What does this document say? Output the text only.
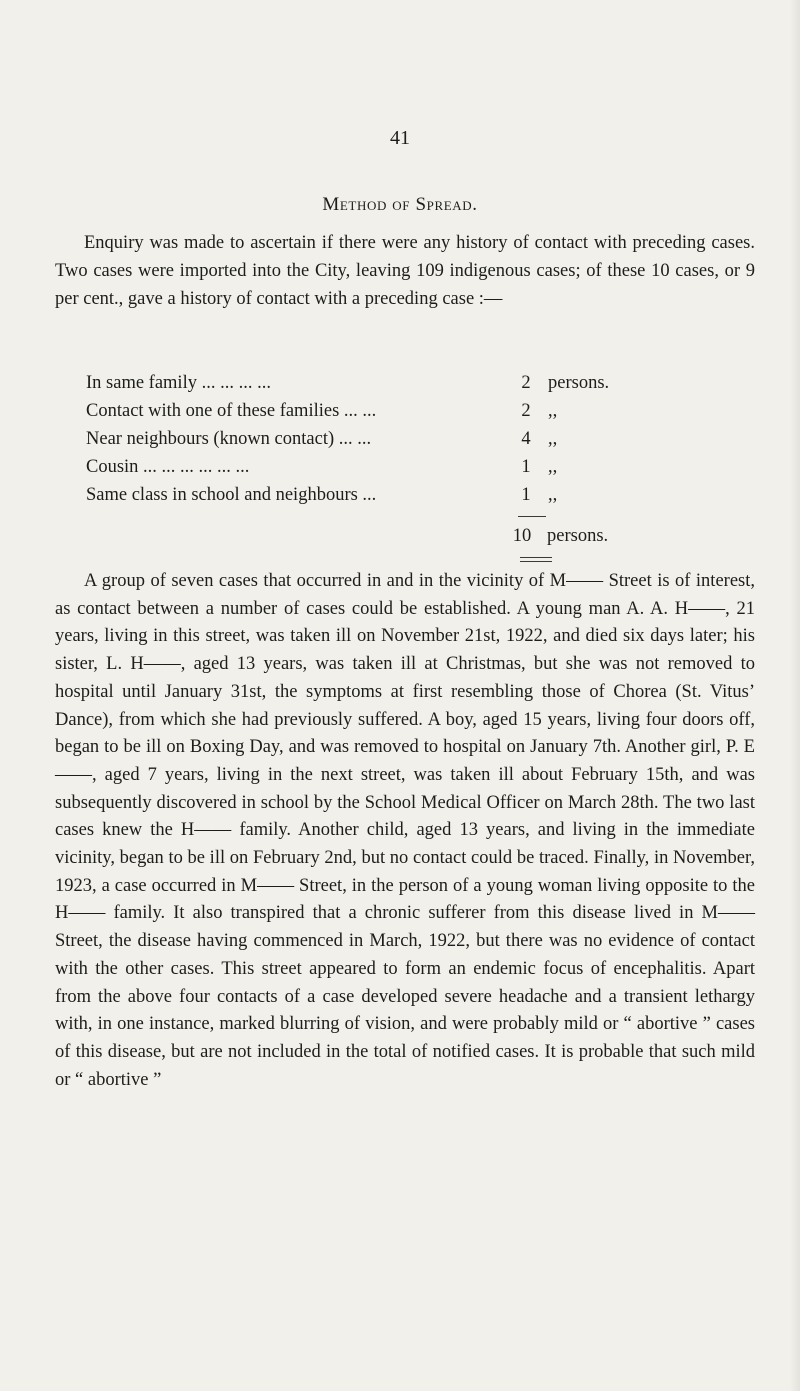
41
Method of Spread.

Enquiry was made to ascertain if there were any history of contact with preceding cases. Two cases were imported into the City, leaving 109 indigenous cases; of these 10 cases, or 9 per cent., gave a history of contact with a preceding case :—

In same family ... ... ... ...	2 persons.
Contact with one of these families ... ...	2 ,,
Near neighbours (known contact) ... ...	4 ,,
Cousin ... ... ... ... ... ...	1 ,,
Same class in school and neighbours ...	1 ,,
10 persons.

A group of seven cases that occurred in and in the vicinity of M—— Street is of interest, as contact between a number of cases could be established. A young man A. A. H——, 21 years, living in this street, was taken ill on November 21st, 1922, and died six days later; his sister, L. H——, aged 13 years, was taken ill at Christmas, but she was not removed to hospital until January 31st, the symptoms at first resembling those of Chorea (St. Vitus’ Dance), from which she had previously suffered. A boy, aged 15 years, living four doors off, began to be ill on Boxing Day, and was removed to hospital on January 7th. Another girl, P. E——, aged 7 years, living in the next street, was taken ill about February 15th, and was subsequently discovered in school by the School Medical Officer on March 28th. The two last cases knew the H—— family. Another child, aged 13 years, and living in the immediate vicinity, began to be ill on February 2nd, but no contact could be traced. Finally, in November, 1923, a case occurred in M—— Street, in the person of a young woman living opposite to the H—— family. It also transpired that a chronic sufferer from this disease lived in M—— Street, the disease having commenced in March, 1922, but there was no evidence of contact with the other cases. This street appeared to form an endemic focus of encephalitis. Apart from the above four contacts of a case developed severe headache and a transient lethargy with, in one instance, marked blurring of vision, and were probably mild or “ abortive ” cases of this disease, but are not included in the total of notified cases. It is probable that such mild or “ abortive ”
